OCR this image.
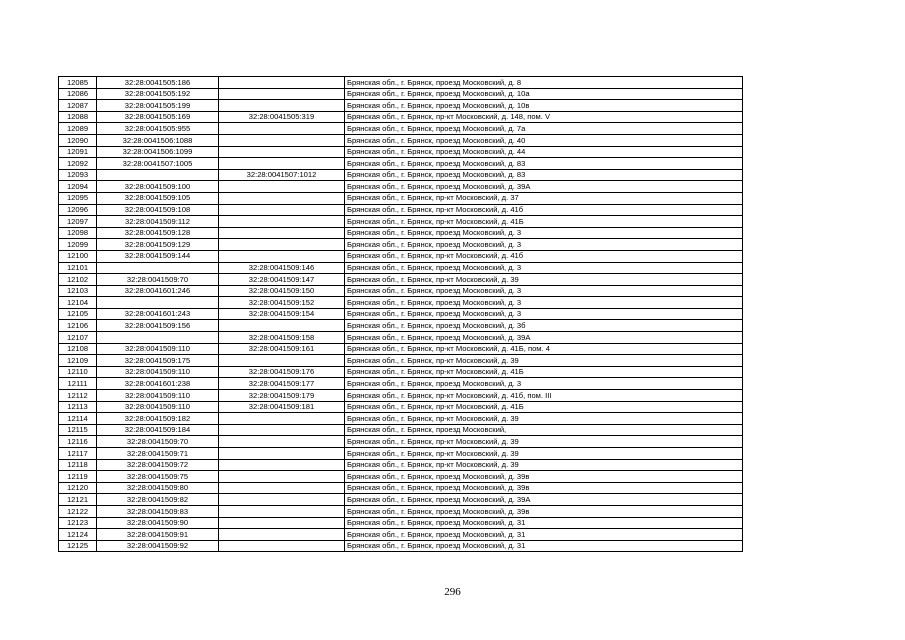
12085	32:28:0041505:186		Брянская обл., г. Брянск, проезд Московский, д. 8
12086	32:28:0041505:192		Брянская обл., г. Брянск, проезд Московский, д. 10а
12087	32:28:0041505:199		Брянская обл., г. Брянск, проезд Московский, д. 10в
12088	32:28:0041505:169	32:28:0041505:319	Брянская обл., г. Брянск, пр-кт Московский, д. 148, пом. V
12089	32:28:0041505:955		Брянская обл., г. Брянск, проезд Московский, д. 7а
12090	32:28:0041506:1088		Брянская обл., г. Брянск, проезд Московский, д. 40
12091	32:28:0041506:1099		Брянская обл., г. Брянск, проезд Московский, д. 44
12092	32:28:0041507:1005		Брянская обл., г. Брянск, проезд Московский, д. 83
12093		32:28:0041507:1012	Брянская обл., г. Брянск, проезд Московский, д. 83
12094	32:28:0041509:100		Брянская обл., г. Брянск, проезд Московский, д. 39А
12095	32:28:0041509:105		Брянская обл., г. Брянск, пр-кт Московский, д. 37
12096	32:28:0041509:108		Брянская обл., г. Брянск, пр-кт Московский, д. 41б
12097	32:28:0041509:112		Брянская обл., г. Брянск, пр-кт Московский, д. 41Б
12098	32:28:0041509:128		Брянская обл., г. Брянск, проезд Московский, д. 3
12099	32:28:0041509:129		Брянская обл., г. Брянск, проезд Московский, д. 3
12100	32:28:0041509:144		Брянская обл., г. Брянск, пр-кт Московский, д. 41б
12101		32:28:0041509:146	Брянская обл., г. Брянск, проезд Московский, д. 3
12102	32:28:0041509:70	32:28:0041509:147	Брянская обл., г. Брянск, пр-кт Московский, д. 39
12103	32:28:0041601:246	32:28:0041509:150	Брянская обл., г. Брянск, проезд Московский, д. 3
12104		32:28:0041509:152	Брянская обл., г. Брянск, проезд Московский, д. 3
12105	32:28:0041601:243	32:28:0041509:154	Брянская обл., г. Брянск, проезд Московский, д. 3
12106	32:28:0041509:156		Брянская обл., г. Брянск, проезд Московский, д. 3б
12107		32:28:0041509:158	Брянская обл., г. Брянск, проезд Московский, д. 39А
12108	32:28:0041509:110	32:28:0041509:161	Брянская обл., г. Брянск, пр-кт Московский, д. 41Б, пом. 4
12109	32:28:0041509:175		Брянская обл., г. Брянск, пр-кт Московский, д. 39
12110	32:28:0041509:110	32:28:0041509:176	Брянская обл., г. Брянск, пр-кт Московский, д. 41Б
12111	32:28:0041601:238	32:28:0041509:177	Брянская обл., г. Брянск, проезд Московский, д. 3
12112	32:28:0041509:110	32:28:0041509:179	Брянская обл., г. Брянск, пр-кт Московский, д. 41б, пом. III
12113	32:28:0041509:110	32:28:0041509:181	Брянская обл., г. Брянск, пр-кт Московский, д. 41Б
12114	32:28:0041509:182		Брянская обл., г. Брянск, пр-кт Московский, д. 39
12115	32:28:0041509:184		Брянская обл., г. Брянск, проезд Московский,
12116	32:28:0041509:70		Брянская обл., г. Брянск, пр-кт Московский, д. 39
12117	32:28:0041509:71		Брянская обл., г. Брянск, пр-кт Московский, д. 39
12118	32:28:0041509:72		Брянская обл., г. Брянск, пр-кт Московский, д. 39
12119	32:28:0041509:75		Брянская обл., г. Брянск, проезд Московский, д. 39в
12120	32:28:0041509:80		Брянская обл., г. Брянск, проезд Московский, д. 39в
12121	32:28:0041509:82		Брянская обл., г. Брянск, проезд Московский, д. 39А
12122	32:28:0041509:83		Брянская обл., г. Брянск, проезд Московский, д. 39в
12123	32:28:0041509:90		Брянская обл., г. Брянск, проезд Московский, д. 31
12124	32:28:0041509:91		Брянская обл., г. Брянск, проезд Московский, д. 31
12125	32:28:0041509:92		Брянская обл., г. Брянск, проезд Московский, д. 31
296
